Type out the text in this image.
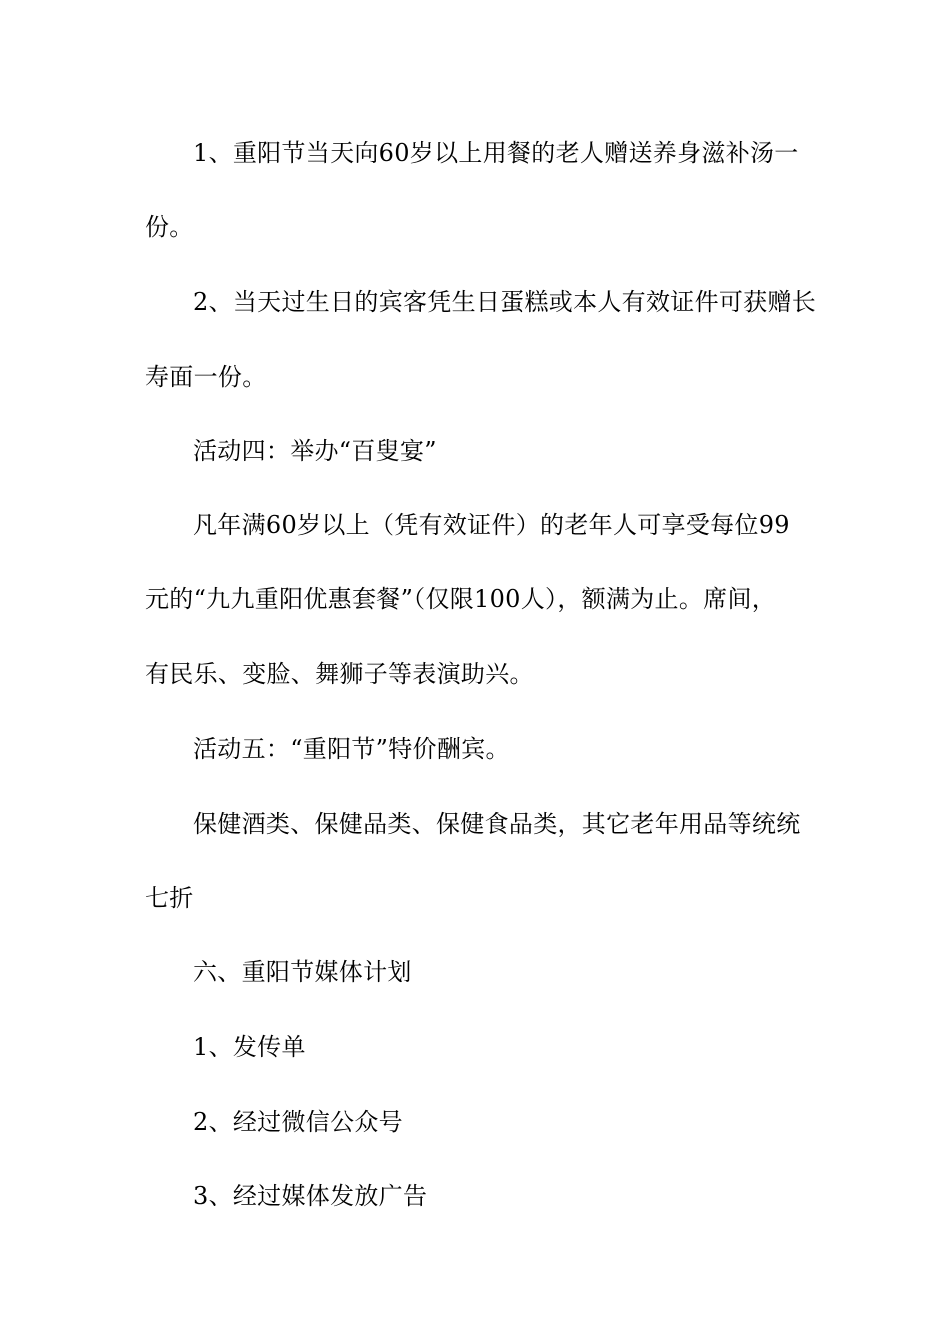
1、重阳节当天向60岁以上用餐的老人赠送养身滋补汤一
份。
2、当天过生日的宾客凭生日蛋糕或本人有效证件可获赠长
寿面一份。
活动四：举办“百叟宴”
凡年满60岁以上（凭有效证件）的老年人可享受每位99
元的“九九重阳优惠套餐”（仅限100人），额满为止。席间，
有民乐、变脸、舞狮子等表演助兴。
活动五：“重阳节”特价酬宾。
保健酒类、保健品类、保健食品类，其它老年用品等统统
七折
六、重阳节媒体计划
1、发传单
2、经过微信公众号
3、经过媒体发放广告
